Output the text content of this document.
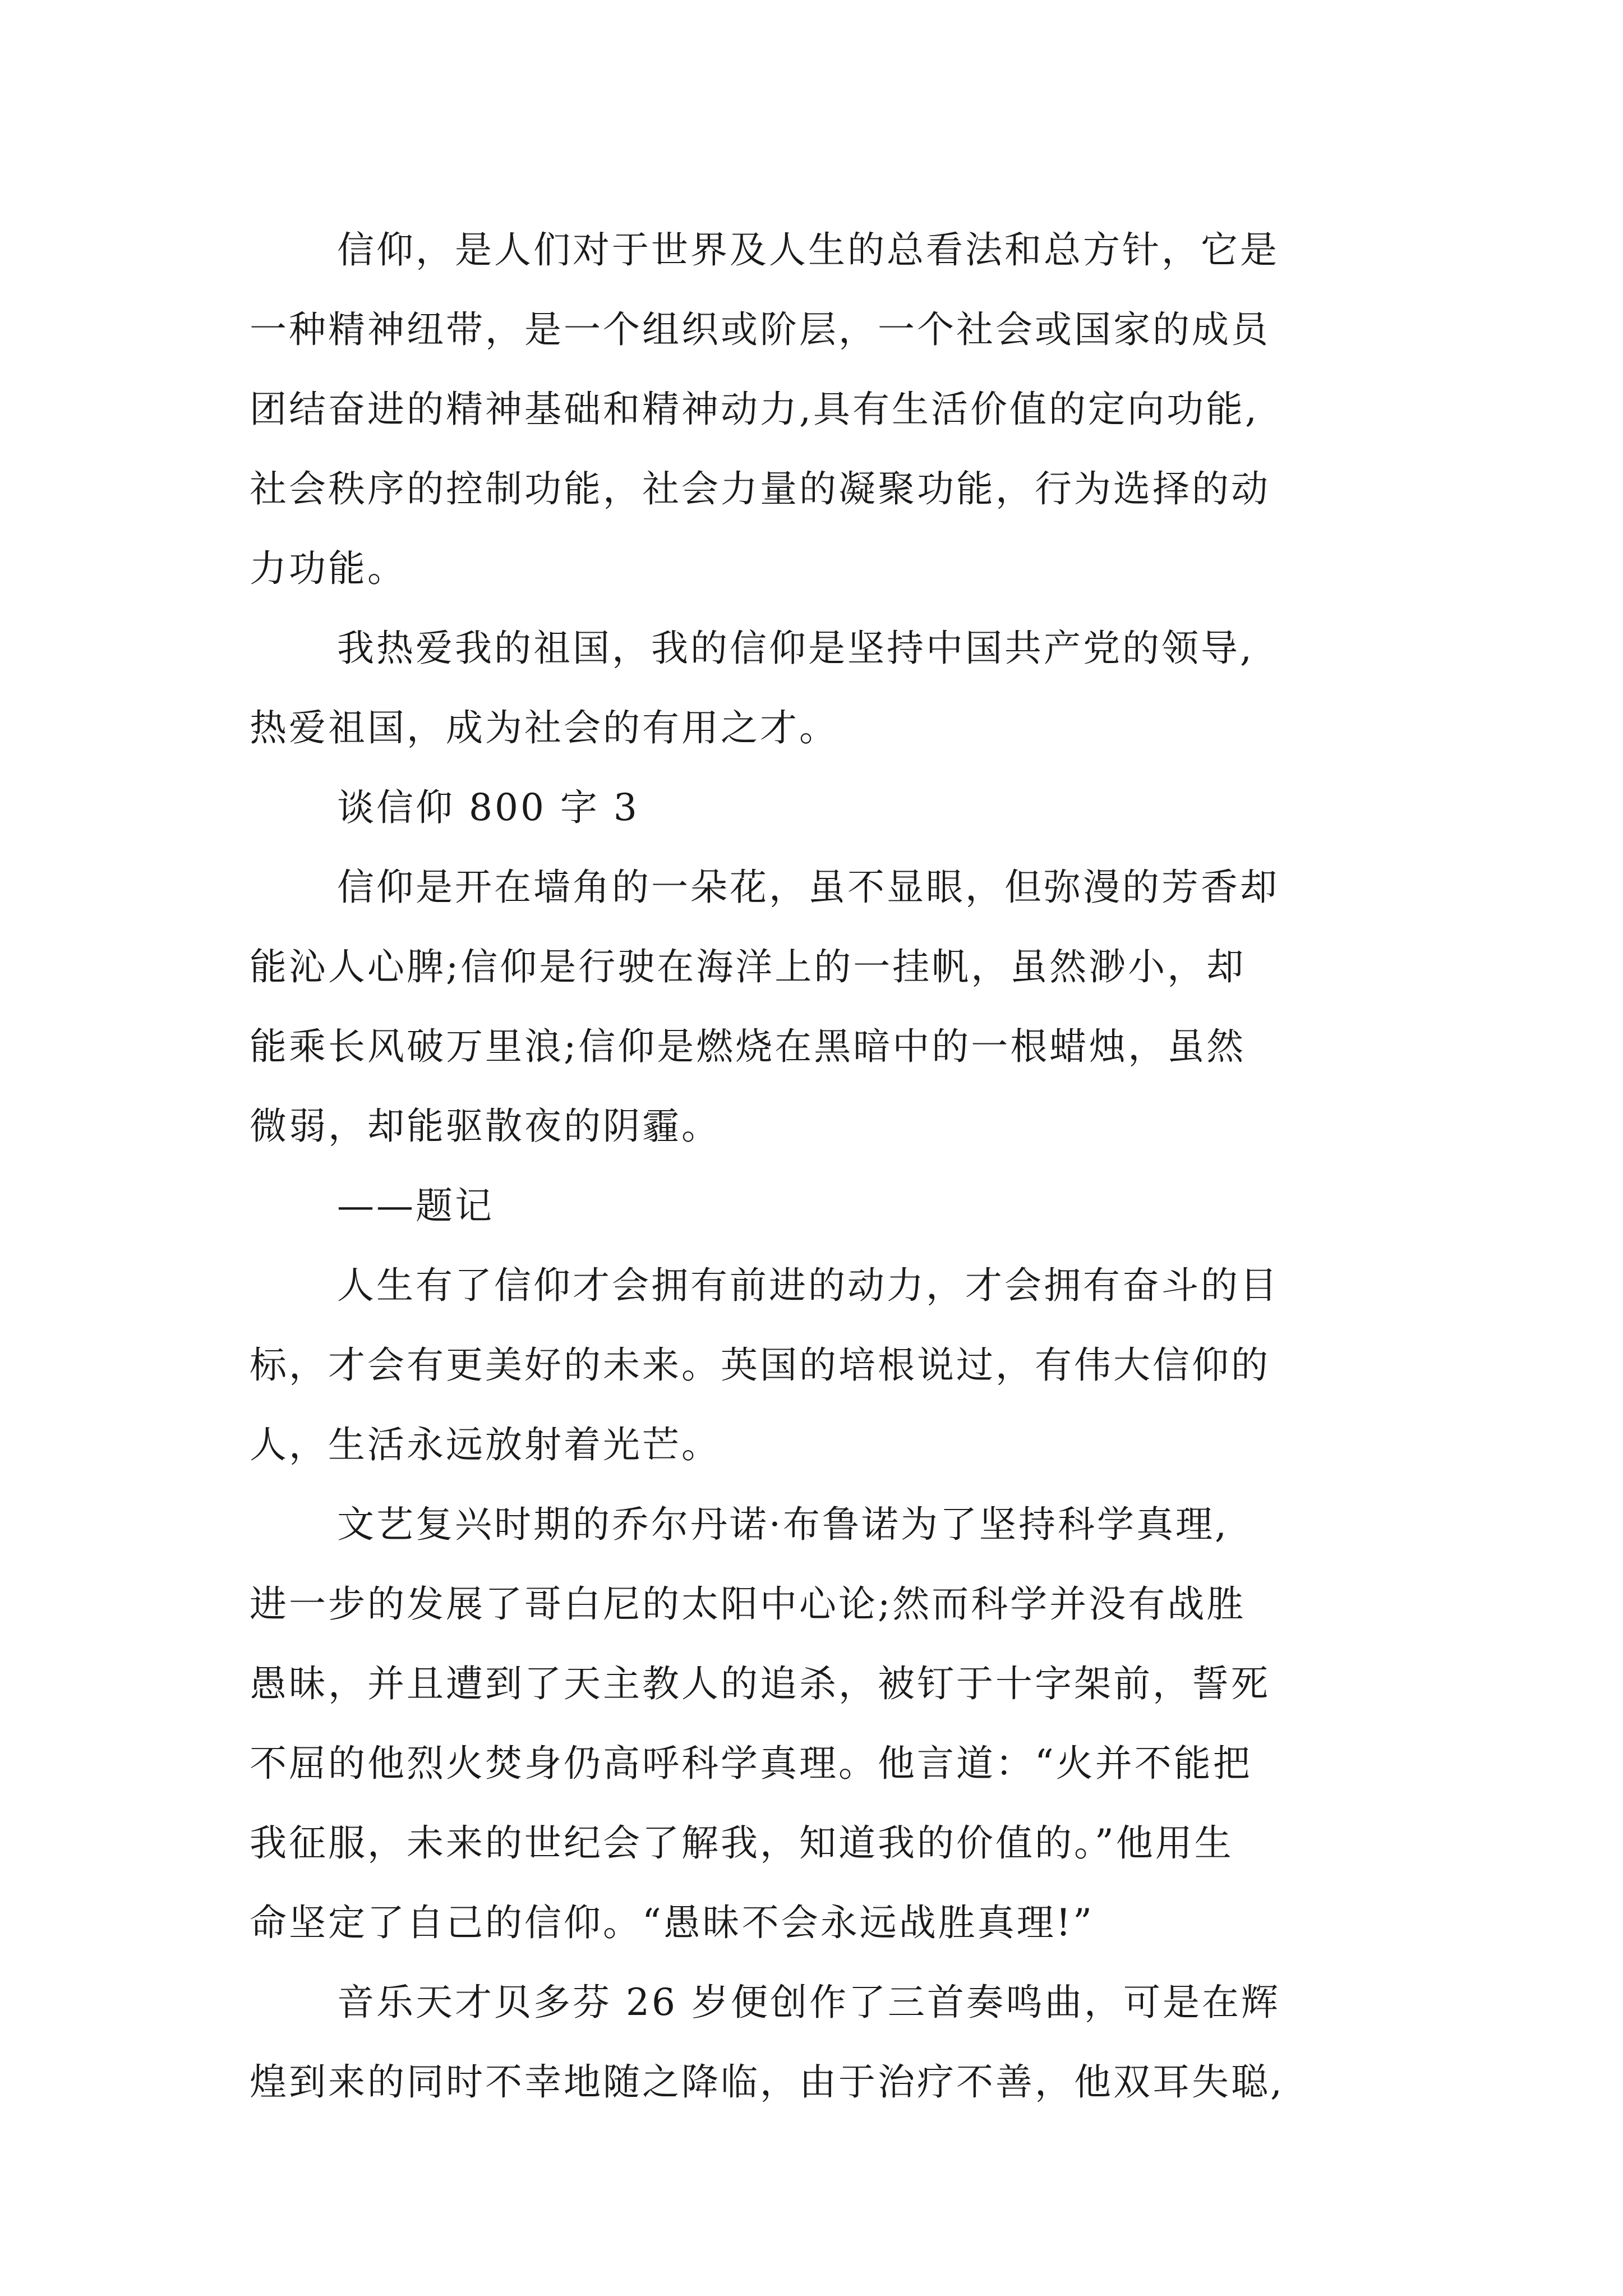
信仰，是人们对于世界及人生的总看法和总方针，它是
一种精神纽带，是一个组织或阶层，一个社会或国家的成员
团结奋进的精神基础和精神动力,具有生活价值的定向功能,
社会秩序的控制功能，社会力量的凝聚功能，行为选择的动
力功能。
我热爱我的祖国，我的信仰是坚持中国共产党的领导,
热爱祖国，成为社会的有用之才。
谈信仰 800 字 3
信仰是开在墙角的一朵花，虽不显眼，但弥漫的芳香却
能沁人心脾;信仰是行驶在海洋上的一挂帆，虽然渺小，却
能乘长风破万里浪;信仰是燃烧在黑暗中的一根蜡烛，虽然
微弱，却能驱散夜的阴霾。
——题记
人生有了信仰才会拥有前进的动力，才会拥有奋斗的目
标，才会有更美好的未来。英国的培根说过，有伟大信仰的
人，生活永远放射着光芒。
文艺复兴时期的乔尔丹诺·布鲁诺为了坚持科学真理,
进一步的发展了哥白尼的太阳中心论;然而科学并没有战胜
愚昧，并且遭到了天主教人的追杀，被钉于十字架前，誓死
不屈的他烈火焚身仍高呼科学真理。他言道：“火并不能把
我征服，未来的世纪会了解我，知道我的价值的。”他用生
命坚定了自己的信仰。“愚昧不会永远战胜真理!”
音乐天才贝多芬 26 岁便创作了三首奏鸣曲，可是在辉
煌到来的同时不幸地随之降临，由于治疗不善，他双耳失聪,
